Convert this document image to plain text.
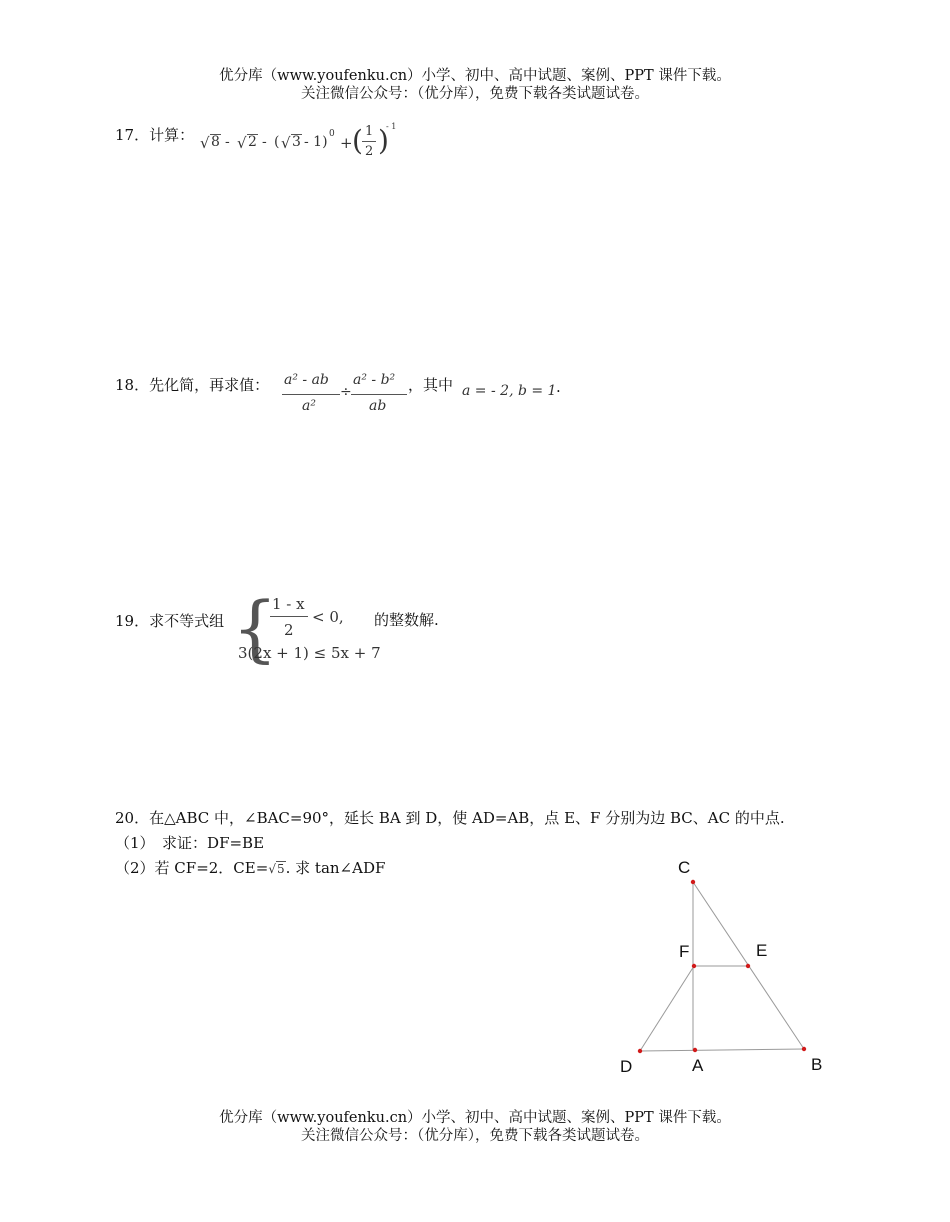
优分库（www.youfenku.cn）小学、初中、高中试题、案例、PPT 课件下载。
关注微信公众号：（优分库），免费下载各类试题试卷。
17．计算： √ 8 - √ 2 - ( √ 3 - 1) 0 + ( 1
2 )
- 1
18．先化简，再求值： a² - ab
a²
÷
a² - b²
ab
，其中 a = - 2, b = 1 .
19．求不等式组 {
1 - x
2
< 0, 的整数解.
3(2x + 1) ≤ 5x + 7
20．在△ABC 中，∠BAC=90°，延长 BA 到 D，使 AD=AB，点 E、F 分别为边 BC、AC 的中点.
（1）　求证：DF=BE
（2）若 CF=2．CE=√5. 求 tan∠ADF	C
F	E
D	A	B
优分库（www.youfenku.cn）小学、初中、高中试题、案例、PPT 课件下载。
关注微信公众号：（优分库），免费下载各类试题试卷。
